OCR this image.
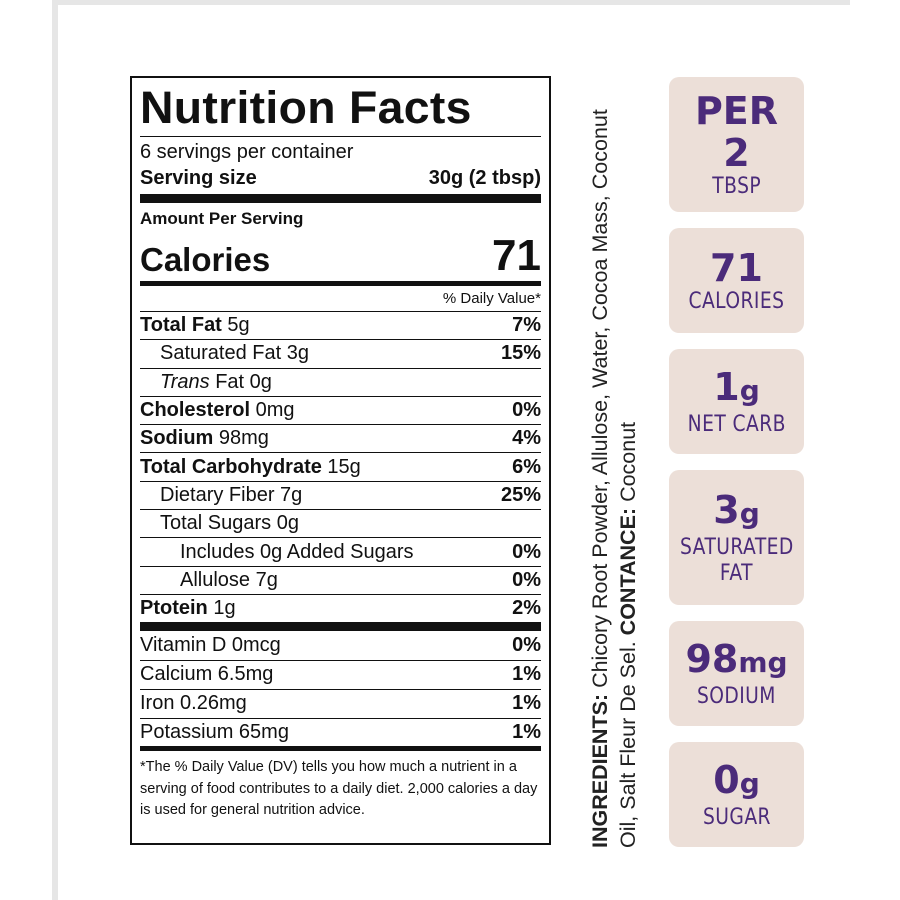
Nutrition Facts
6 servings per container
Serving size	30g (2 tbsp)
Amount Per Serving
Calories	71
% Daily Value*
Total Fat 5g	7%
Saturated Fat 3g	15%
Trans Fat 0g
Cholesterol 0mg	0%
Sodium 98mg	4%
Total Carbohydrate 15g	6%
Dietary Fiber 7g	25%
Total Sugars 0g
Includes 0g Added Sugars	0%
Allulose 7g	0%
Ptotein 1g	2%
Vitamin D 0mcg	0%
Calcium 6.5mg	1%
Iron 0.26mg	1%
Potassium 65mg	1%
*The % Daily Value (DV) tells you how much a nutrient in a serving of food contributes to a daily diet. 2,000 calories a day is used for general nutrition advice.	INGREDIENTS: Chicory Root Powder, Allulose, Water, Cocoa Mass, Coconut Oil, Salt Fleur De Sel. CONTANCE: Coconut
PER
2
TBSP
71
CALORIES
1g
NET CARB
3g
SATURATED
FAT
98mg
SODIUM
0g
SUGAR
